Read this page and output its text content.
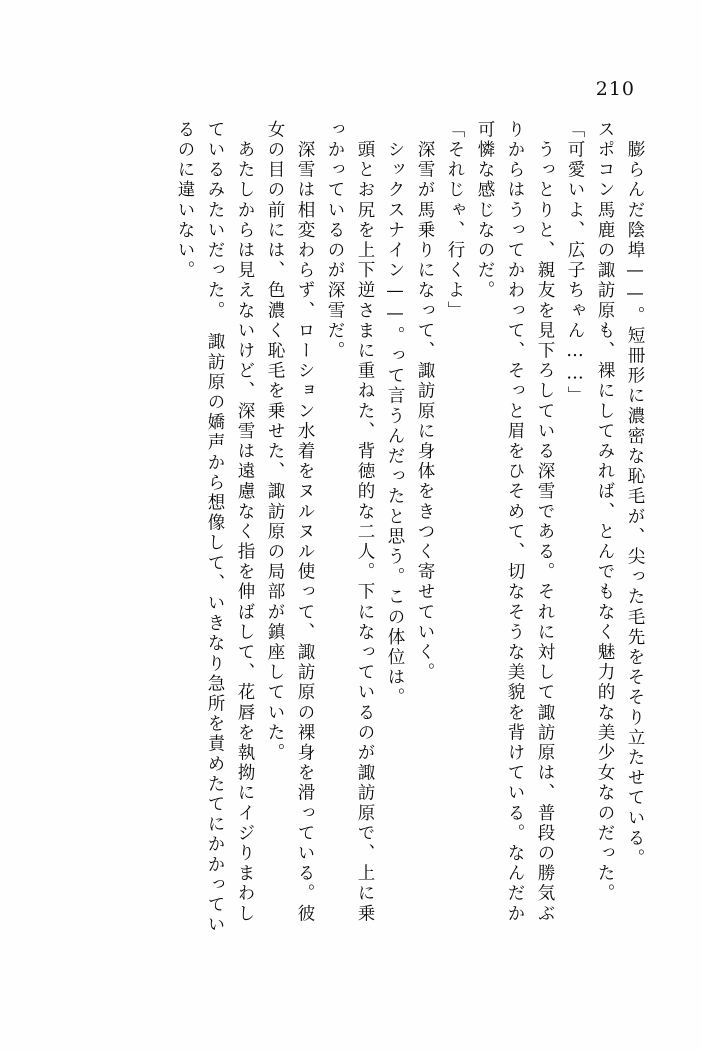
210
　膨らんだ陰埠——。短冊形に濃密な恥毛が、尖った毛先をそそり立たせている。
スポコン馬鹿の諏訪原も、裸にしてみれば、とんでもなく魅力的な美少女なのだった。
「可愛いよ、広子ちゃん……」
　うっとりと、親友を見下ろしている深雪である。それに対して諏訪原は、普段の勝気ぶ
りからはうってかわって、そっと眉をひそめて、切なそうな美貌を背けている。なんだか
可憐な感じなのだ。
「それじゃ、行くよ」
　深雪が馬乗りになって、諏訪原に身体をきつく寄せていく。
　シックスナイン——。って言うんだったと思う。この体位は。
　頭とお尻を上下逆さまに重ねた、背徳的な二人。下になっているのが諏訪原で、上に乗
っかっているのが深雪だ。
　深雪は相変わらず、ローション水着をヌルヌル使って、諏訪原の裸身を滑っている。彼
女の目の前には、色濃く恥毛を乗せた、諏訪原の局部が鎮座していた。
　あたしからは見えないけど、深雪は遠慮なく指を伸ばして、花唇を執拗にイジりまわし
ているみたいだった。　諏訪原の嬌声から想像して、いきなり急所を責めたてにかかってい
るのに違いない。
